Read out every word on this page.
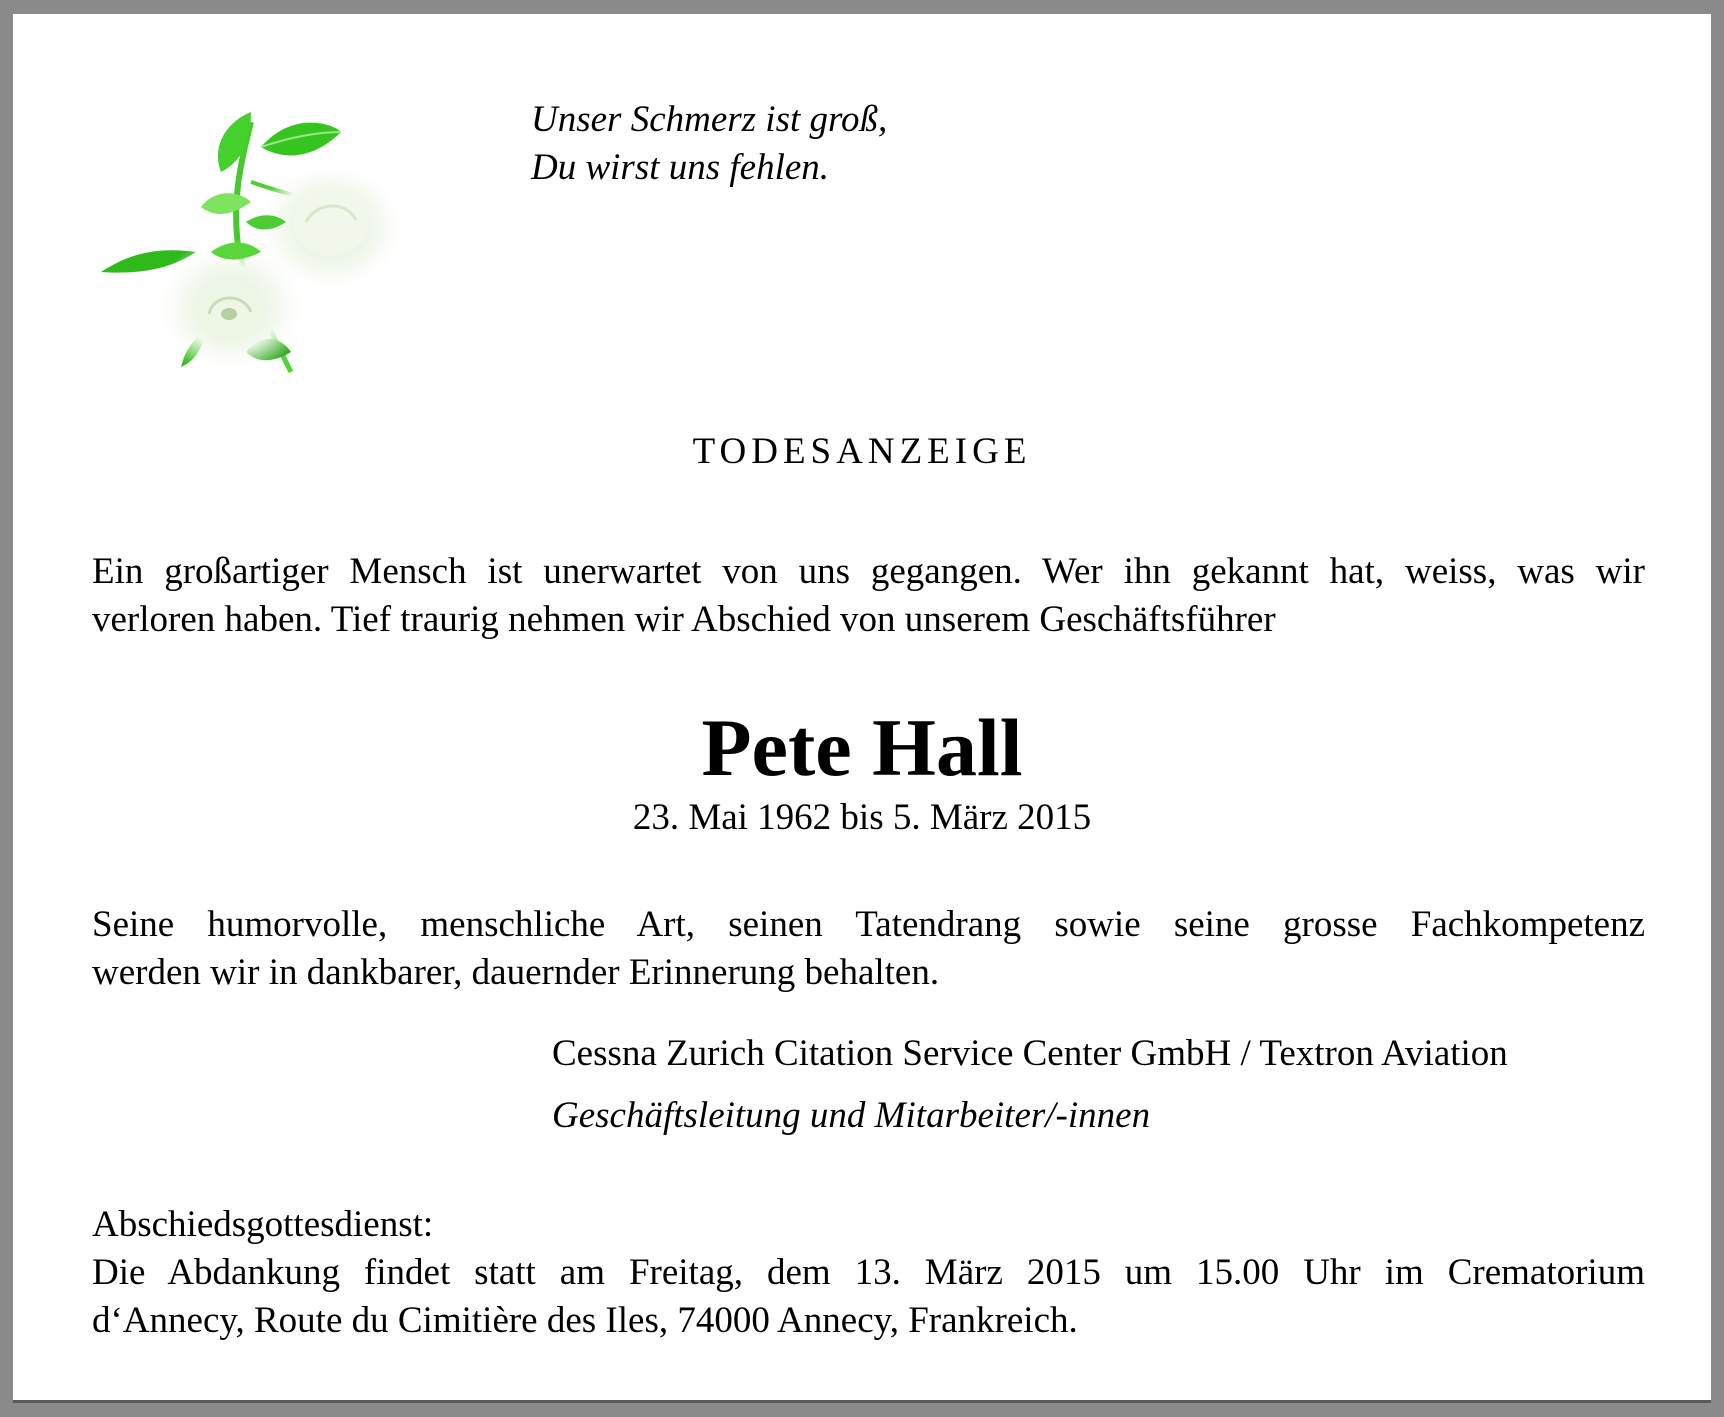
Unser Schmerz ist groß,
Du wirst uns fehlen.
TODESANZEIGE
Ein großartiger Mensch ist unerwartet von uns gegangen. Wer ihn gekannt hat, weiss, was wir
verloren haben. Tief traurig nehmen wir Abschied von unserem Geschäftsführer
Pete Hall
23. Mai 1962 bis 5. März 2015
Seine humorvolle, menschliche Art, seinen Tatendrang sowie seine grosse Fachkompetenz
werden wir in dankbarer, dauernder Erinnerung behalten.
Cessna Zurich Citation Service Center GmbH / Textron Aviation
Geschäftsleitung und Mitarbeiter/-innen
Abschiedsgottesdienst:
Die Abdankung findet statt am Freitag, dem 13. März 2015 um 15.00 Uhr im Crematorium
d‘Annecy, Route du Cimitière des Iles, 74000 Annecy, Frankreich.
